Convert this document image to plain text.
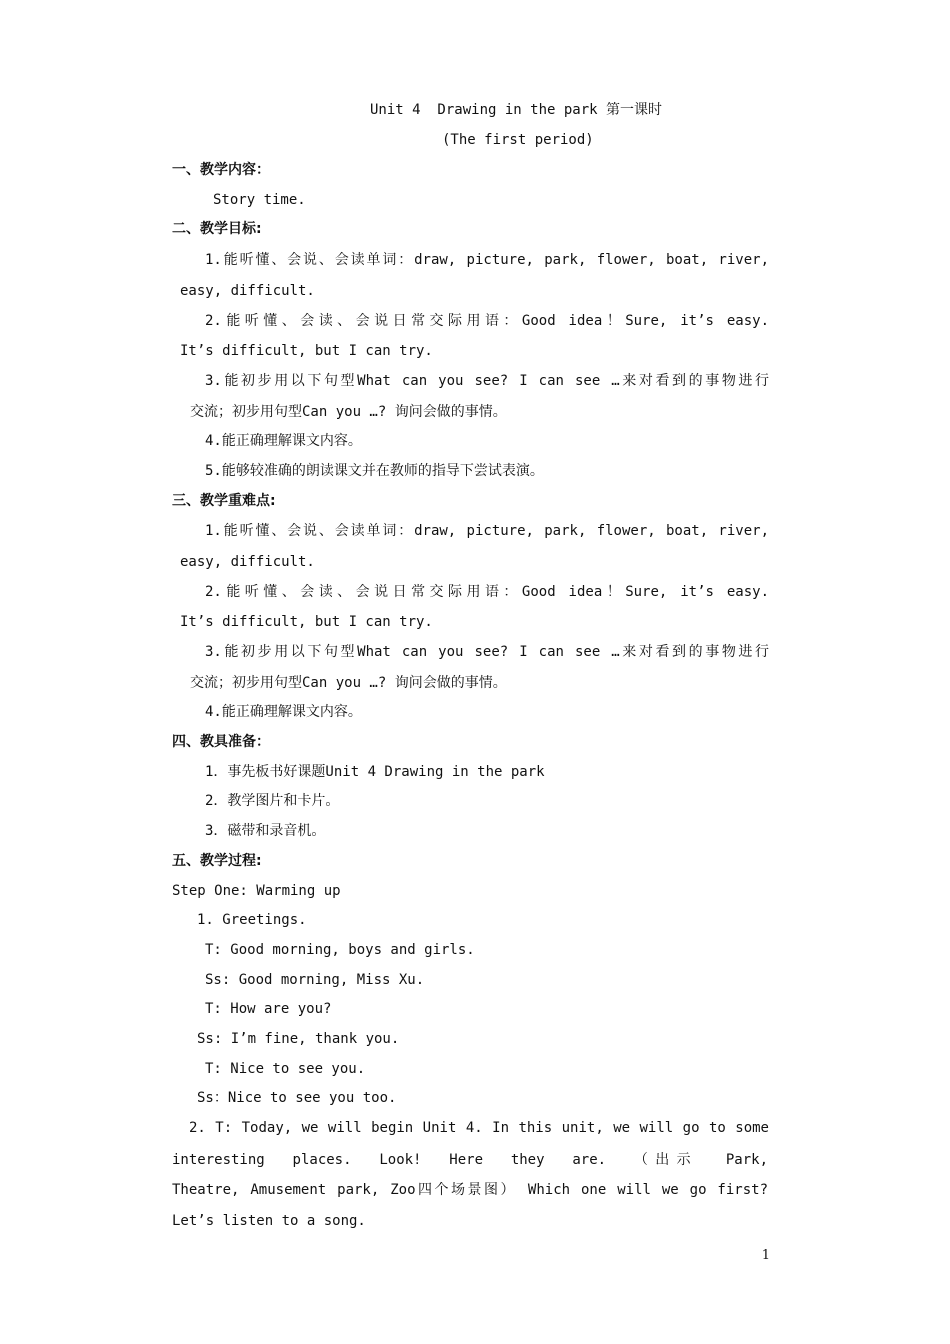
Unit 4  Drawing in the park 第一课时
(The first period)
一、教学内容：
Story time.
二、教学目标:
1.能听懂、会说、会读单词：draw, picture, park, flower, boat, river,
easy, difficult.
2.能听懂、会读、会说日常交际用语：Good idea！Sure, it’s easy.
It’s difficult, but I can try.
3.能初步用以下句型What can you see? I can see …来对看到的事物进行
交流；初步用句型Can you …? 询问会做的事情。
4.能正确理解课文内容。
5.能够较准确的朗读课文并在教师的指导下尝试表演。
三、教学重难点:
1.能听懂、会说、会读单词：draw, picture, park, flower, boat, river,
easy, difficult.
2.能听懂、会读、会说日常交际用语：Good idea！Sure, it’s easy.
It’s difficult, but I can try.
3.能初步用以下句型What can you see? I can see …来对看到的事物进行
交流；初步用句型Can you …? 询问会做的事情。
4.能正确理解课文内容。
四、教具准备：
1．事先板书好课题Unit 4 Drawing in the park
2．教学图片和卡片。
3．磁带和录音机。
五、教学过程:
Step One: Warming up
1. Greetings.
T: Good morning, boys and girls.
Ss: Good morning, Miss Xu.
T: How are you?
Ss: I’m fine, thank you.
T: Nice to see you.
Ss：Nice to see you too.
2. T: Today, we will begin Unit 4. In this unit, we will go to some
interesting places. Look! Here they are. （出示 Park,
Theatre, Amusement park, Zoo四个场景图） Which one will we go first?
Let’s listen to a song.
1
